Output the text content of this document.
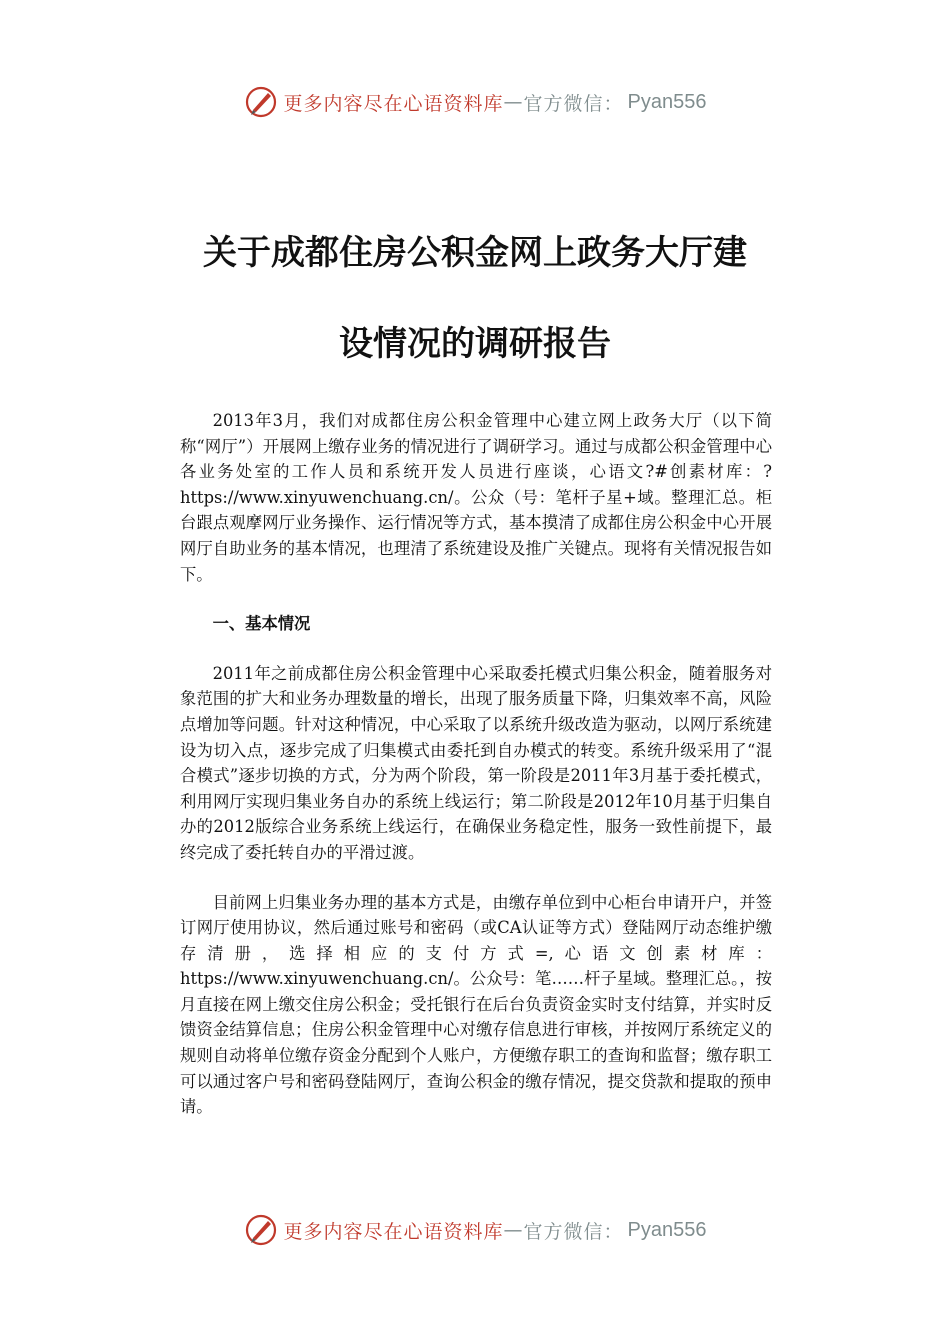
更多内容尽在心语资料库 — 官方微信： Pyan556
关于成都住房公积金网上政务大厅建
设情况的调研报告

2013年3月，我们对成都住房公积金管理中心建立网上政务大厅（以下简称“网厅”）开展网上缴存业务的情况进行了调研学习。通过与成都公积金管理中心各业务处室的工作人员和系统开发人员进行座谈，心语文?#创素材库：?https://www.xinyuwenchuang.cn/。公众（号：笔杆子星+域。整理汇总。柜台跟点观摩网厅业务操作、运行情况等方式，基本摸清了成都住房公积金中心开展网厅自助业务的基本情况，也理清了系统建设及推广关键点。现将有关情况报告如下。

一、基本情况

2011年之前成都住房公积金管理中心采取委托模式归集公积金，随着服务对象范围的扩大和业务办理数量的增长，出现了服务质量下降，归集效率不高，风险点增加等问题。针对这种情况，中心采取了以系统升级改造为驱动，以网厅系统建设为切入点，逐步完成了归集模式由委托到自办模式的转变。系统升级采用了“混合模式”逐步切换的方式，分为两个阶段，第一阶段是2011年3月基于委托模式，利用网厅实现归集业务自办的系统上线运行；第二阶段是2012年10月基于归集自办的2012版综合业务系统上线运行，在确保业务稳定性，服务一致性前提下，最终完成了委托转自办的平滑过渡。

目前网上归集业务办理的基本方式是，由缴存单位到中心柜台申请开户，并签订网厅使用协议，然后通过账号和密码（或CA认证等方式）登陆网厅动态维护缴存清册，选择相应的支付方式=,心语文创素材库：https://www.xinyuwenchuang.cn/。公众号：笔……杆子星域。整理汇总。，按月直接在网上缴交住房公积金；受托银行在后台负责资金实时支付结算，并实时反馈资金结算信息；住房公积金管理中心对缴存信息进行审核，并按网厅系统定义的规则自动将单位缴存资金分配到个人账户，方便缴存职工的查询和监督；缴存职工可以通过客户号和密码登陆网厅，查询公积金的缴存情况，提交贷款和提取的预申请。

更多内容尽在心语资料库 — 官方微信： Pyan556
